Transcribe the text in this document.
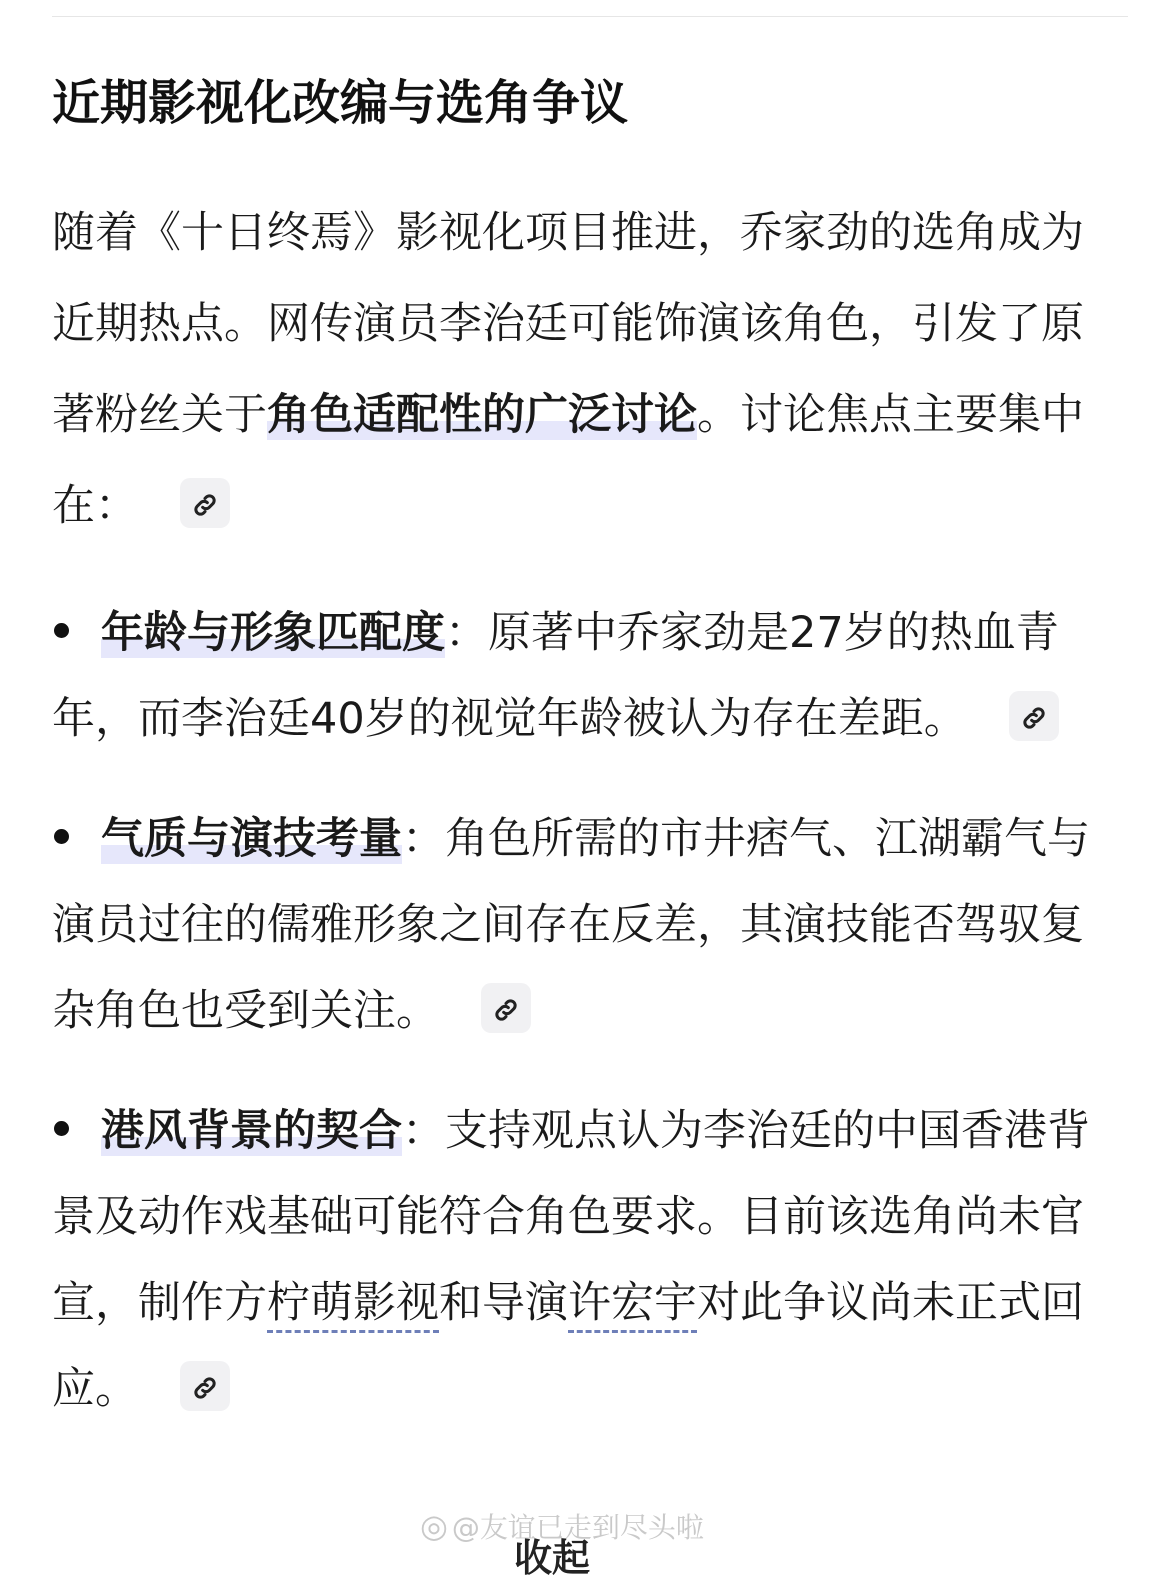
近期影视化改编与选角争议

随着《十日终焉》影视化项目推进，乔家劲的选角成为近期热点。网传演员李治廷可能饰演该角色，引发了原著粉丝关于角色适配性的广泛讨论。讨论焦点主要集中在：

年龄与形象匹配度：原著中乔家劲是27岁的热血青年，而李治廷40岁的视觉年龄被认为存在差距。
气质与演技考量：角色所需的市井痞气、江湖霸气与演员过往的儒雅形象之间存在反差，其演技能否驾驭复杂角色也受到关注。
港风背景的契合：支持观点认为李治廷的中国香港背景及动作戏基础可能符合角色要求。目前该选角尚未官宣，制作方柠萌影视和导演许宏宇对此争议尚未正式回应。
◎ @友谊已走到尽头啦
收起
